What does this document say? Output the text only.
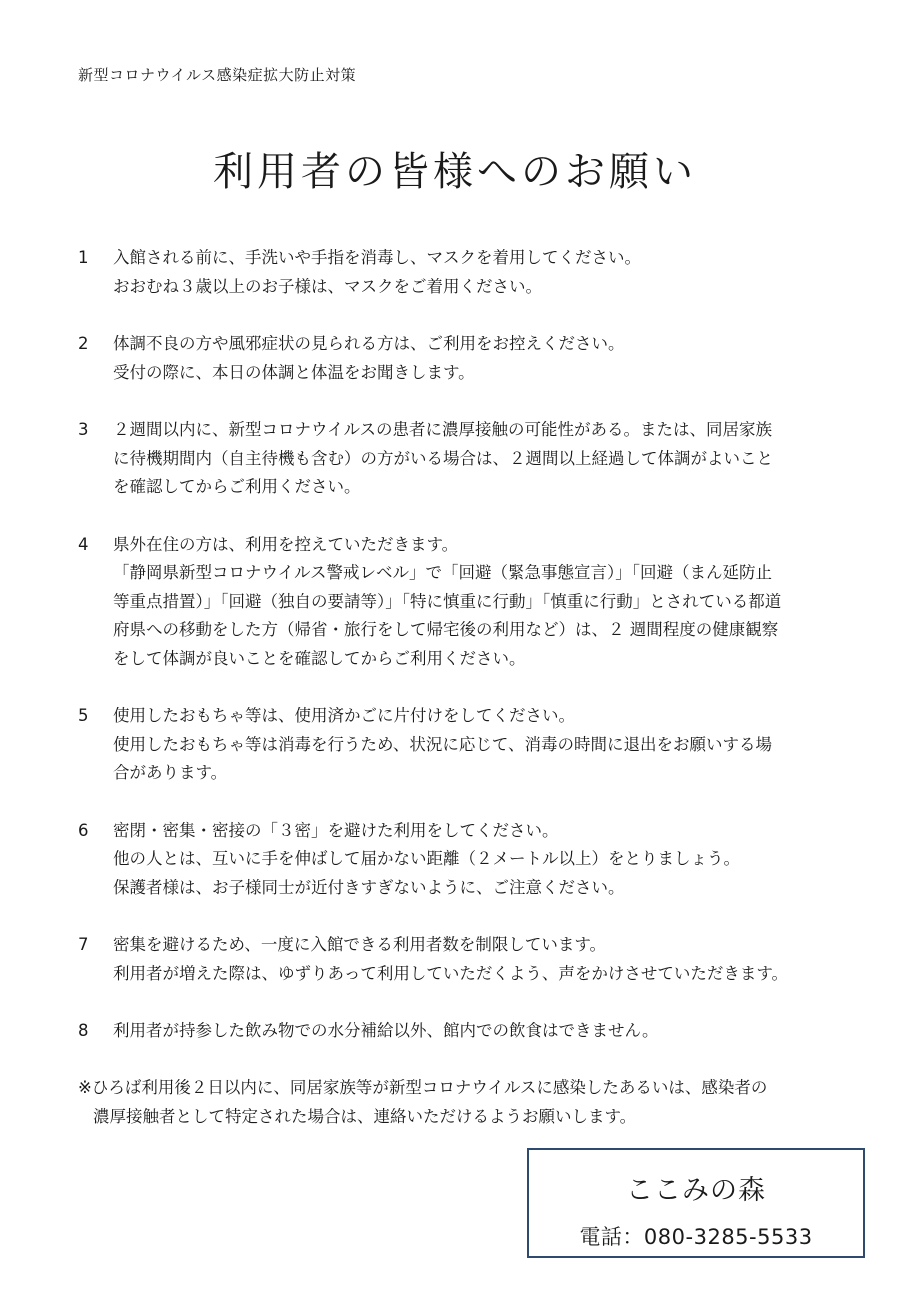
新型コロナウイルス感染症拡大防止対策
利用者の皆様へのお願い
1	入館される前に、手洗いや手指を消毒し、マスクを着用してください。
おおむね３歳以上のお子様は、マスクをご着用ください。
2	体調不良の方や風邪症状の見られる方は、ご利用をお控えください。
受付の際に、本日の体調と体温をお聞きします。
3	２週間以内に、新型コロナウイルスの患者に濃厚接触の可能性がある。または、同居家族
に待機期間内（自主待機も含む）の方がいる場合は、２週間以上経過して体調がよいこと
を確認してからご利用ください。
4	県外在住の方は、利用を控えていただきます。
「静岡県新型コロナウイルス警戒レベル」で「回避（緊急事態宣言）」「回避（まん延防止
等重点措置）」「回避（独自の要請等）」「特に慎重に行動」「慎重に行動」とされている都道
府県への移動をした方（帰省・旅行をして帰宅後の利用など）は、２ 週間程度の健康観察
をして体調が良いことを確認してからご利用ください。
5	使用したおもちゃ等は、使用済かごに片付けをしてください。
使用したおもちゃ等は消毒を行うため、状況に応じて、消毒の時間に退出をお願いする場
合があります。
6	密閉・密集・密接の「３密」を避けた利用をしてください。
他の人とは、互いに手を伸ばして届かない距離（２メートル以上）をとりましょう。
保護者様は、お子様同士が近付きすぎないように、ご注意ください。
7	密集を避けるため、一度に入館できる利用者数を制限しています。
利用者が増えた際は、ゆずりあって利用していただくよう、声をかけさせていただきます。
8	利用者が持参した飲み物での水分補給以外、館内での飲食はできません。
※ひろば利用後２日以内に、同居家族等が新型コロナウイルスに感染したあるいは、感染者の
濃厚接触者として特定された場合は、連絡いただけるようお願いします。
ここみの森
電話：080-3285-5533
